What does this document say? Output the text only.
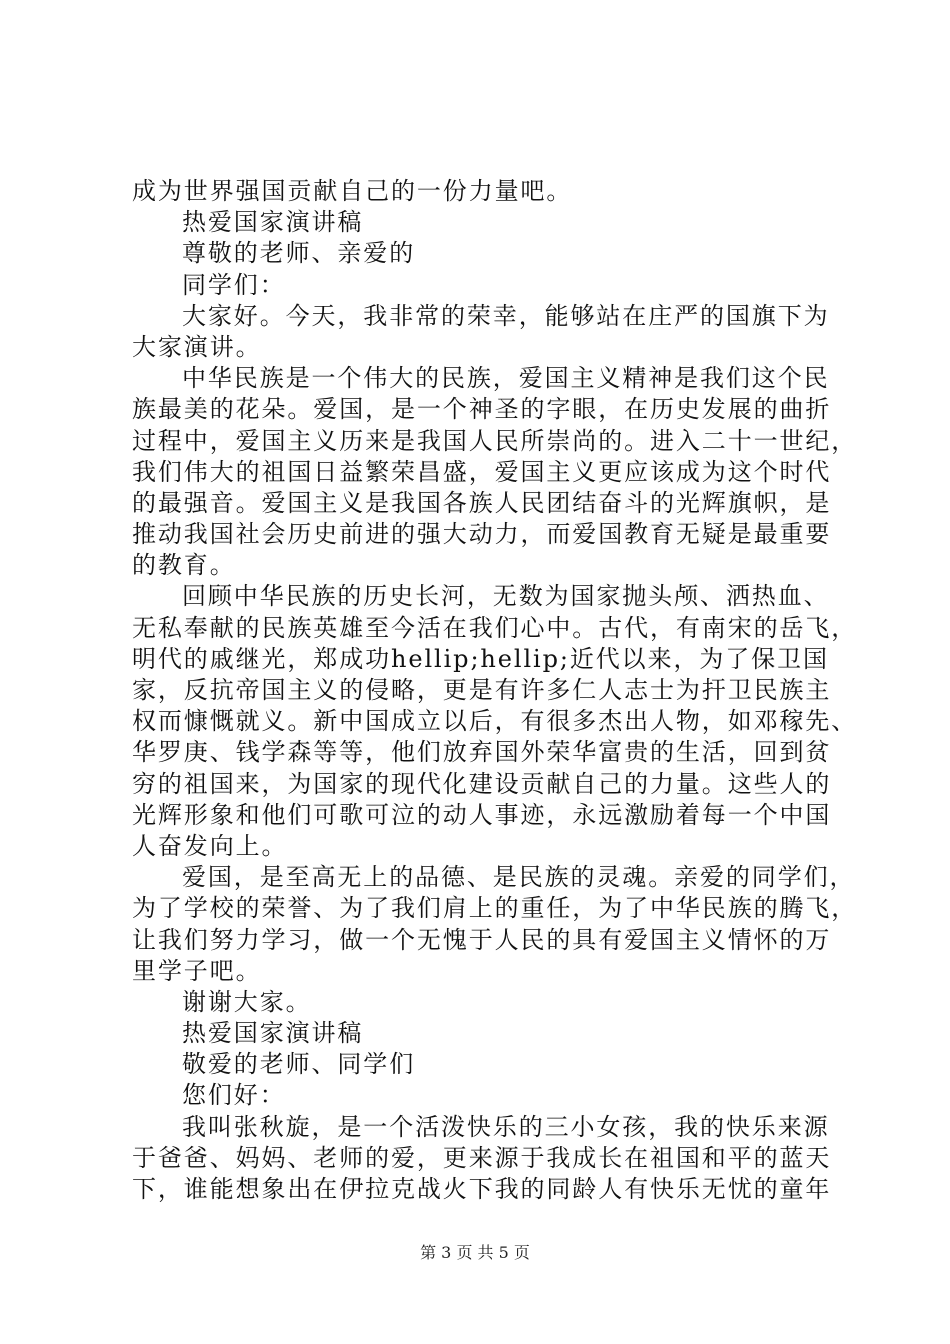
成为世界强国贡献自己的一份力量吧。
热爱国家演讲稿
尊敬的老师、亲爱的
同学们：
大家好。今天，我非常的荣幸，能够站在庄严的国旗下为
大家演讲。
中华民族是一个伟大的民族，爱国主义精神是我们这个民
族最美的花朵。爱国，是一个神圣的字眼，在历史发展的曲折
过程中，爱国主义历来是我国人民所崇尚的。进入二十一世纪，
我们伟大的祖国日益繁荣昌盛，爱国主义更应该成为这个时代
的最强音。爱国主义是我国各族人民团结奋斗的光辉旗帜，是
推动我国社会历史前进的强大动力，而爱国教育无疑是最重要
的教育。
回顾中华民族的历史长河，无数为国家抛头颅、洒热血、
无私奉献的民族英雄至今活在我们心中。古代，有南宋的岳飞，
明代的戚继光，郑成功hellip;hellip;近代以来，为了保卫国
家，反抗帝国主义的侵略，更是有许多仁人志士为扞卫民族主
权而慷慨就义。新中国成立以后，有很多杰出人物，如邓稼先、
华罗庚、钱学森等等，他们放弃国外荣华富贵的生活，回到贫
穷的祖国来，为国家的现代化建设贡献自己的力量。这些人的
光辉形象和他们可歌可泣的动人事迹，永远激励着每一个中国
人奋发向上。
爱国，是至高无上的品德、是民族的灵魂。亲爱的同学们，
为了学校的荣誉、为了我们肩上的重任，为了中华民族的腾飞，
让我们努力学习，做一个无愧于人民的具有爱国主义情怀的万
里学子吧。
谢谢大家。
热爱国家演讲稿
敬爱的老师、同学们
您们好：
我叫张秋旋，是一个活泼快乐的三小女孩，我的快乐来源
于爸爸、妈妈、老师的爱，更来源于我成长在祖国和平的蓝天
下，谁能想象出在伊拉克战火下我的同龄人有快乐无忧的童年
第 3 页 共 5 页
